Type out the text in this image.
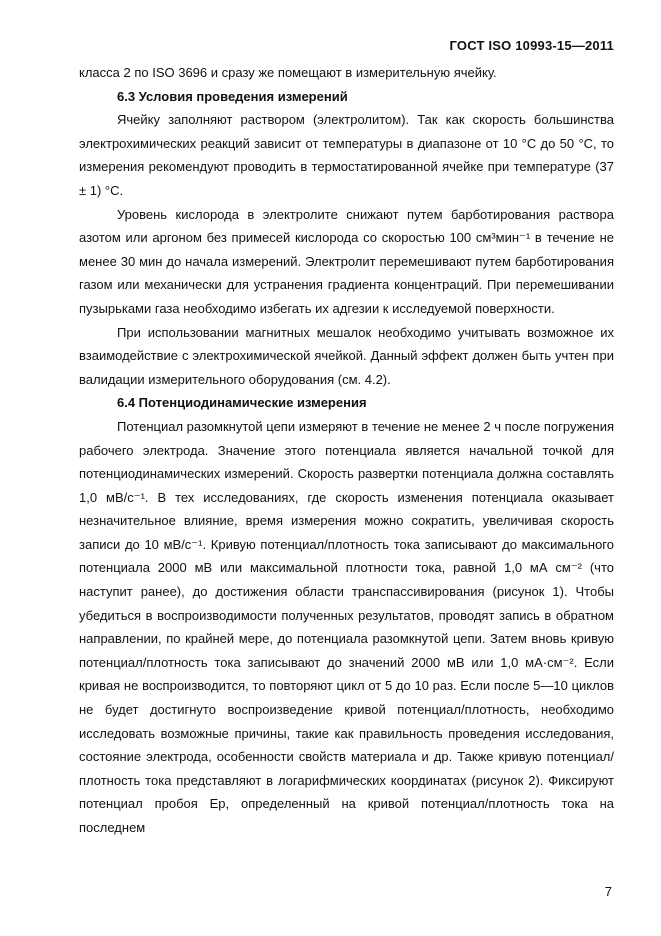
ГОСТ ISO 10993-15—2011

класса 2 по ISO 3696 и сразу же помещают в измерительную ячейку.

6.3 Условия проведения измерений

Ячейку заполняют раствором (электролитом). Так как скорость большинства электрохимических реакций зависит от температуры в диапазоне от 10 °С до 50 °С, то измерения рекомендуют проводить в термостатированной ячейке при температуре (37 ± 1) °С.

Уровень кислорода в электролите снижают путем барботирования раствора азотом или аргоном без примесей кислорода со скоростью 100 см³мин⁻¹ в течение не менее 30 мин до начала измерений. Электролит перемешивают путем барботирования газом или механически для устранения градиента концентраций. При перемешивании пузырьками газа необходимо избегать их адгезии к исследуемой поверхности.

При использовании магнитных мешалок необходимо учитывать возможное их взаимодействие с электрохимической ячейкой. Данный эффект должен быть учтен при валидации измерительного оборудования (см. 4.2).

6.4 Потенциодинамические измерения

Потенциал разомкнутой цепи измеряют в течение не менее 2 ч после погружения рабочего электрода. Значение этого потенциала является начальной точкой для потенциодинамических измерений. Скорость развертки потенциала должна составлять 1,0 мВ/с⁻¹. В тех исследованиях, где скорость изменения потенциала оказывает незначительное влияние, время измерения можно сократить, увеличивая скорость записи до 10 мВ/с⁻¹. Кривую потенциал/плотность тока записывают до максимального потенциала 2000 мВ или максимальной плотности тока, равной 1,0 мА см⁻² (что наступит ранее), до достижения области транспассивирования (рисунок 1). Чтобы убедиться в воспроизводимости полученных результатов, проводят запись в обратном направлении, по крайней мере, до потенциала разомкнутой цепи. Затем вновь кривую потенциал/плотность тока записывают до значений 2000 мВ или 1,0 мА·см⁻². Если кривая не воспроизводится, то повторяют цикл от 5 до 10 раз. Если после 5—10 циклов не будет достигнуто воспроизведение кривой потенциал/плотность, необходимо исследовать возможные причины, такие как правильность проведения исследования, состояние электрода, особенности свойств материала и др. Также кривую потенциал/плотность тока представляют в логарифмических координатах (рисунок 2). Фиксируют потенциал пробоя Ер, определенный на кривой потенциал/плотность тока на последнем

7
